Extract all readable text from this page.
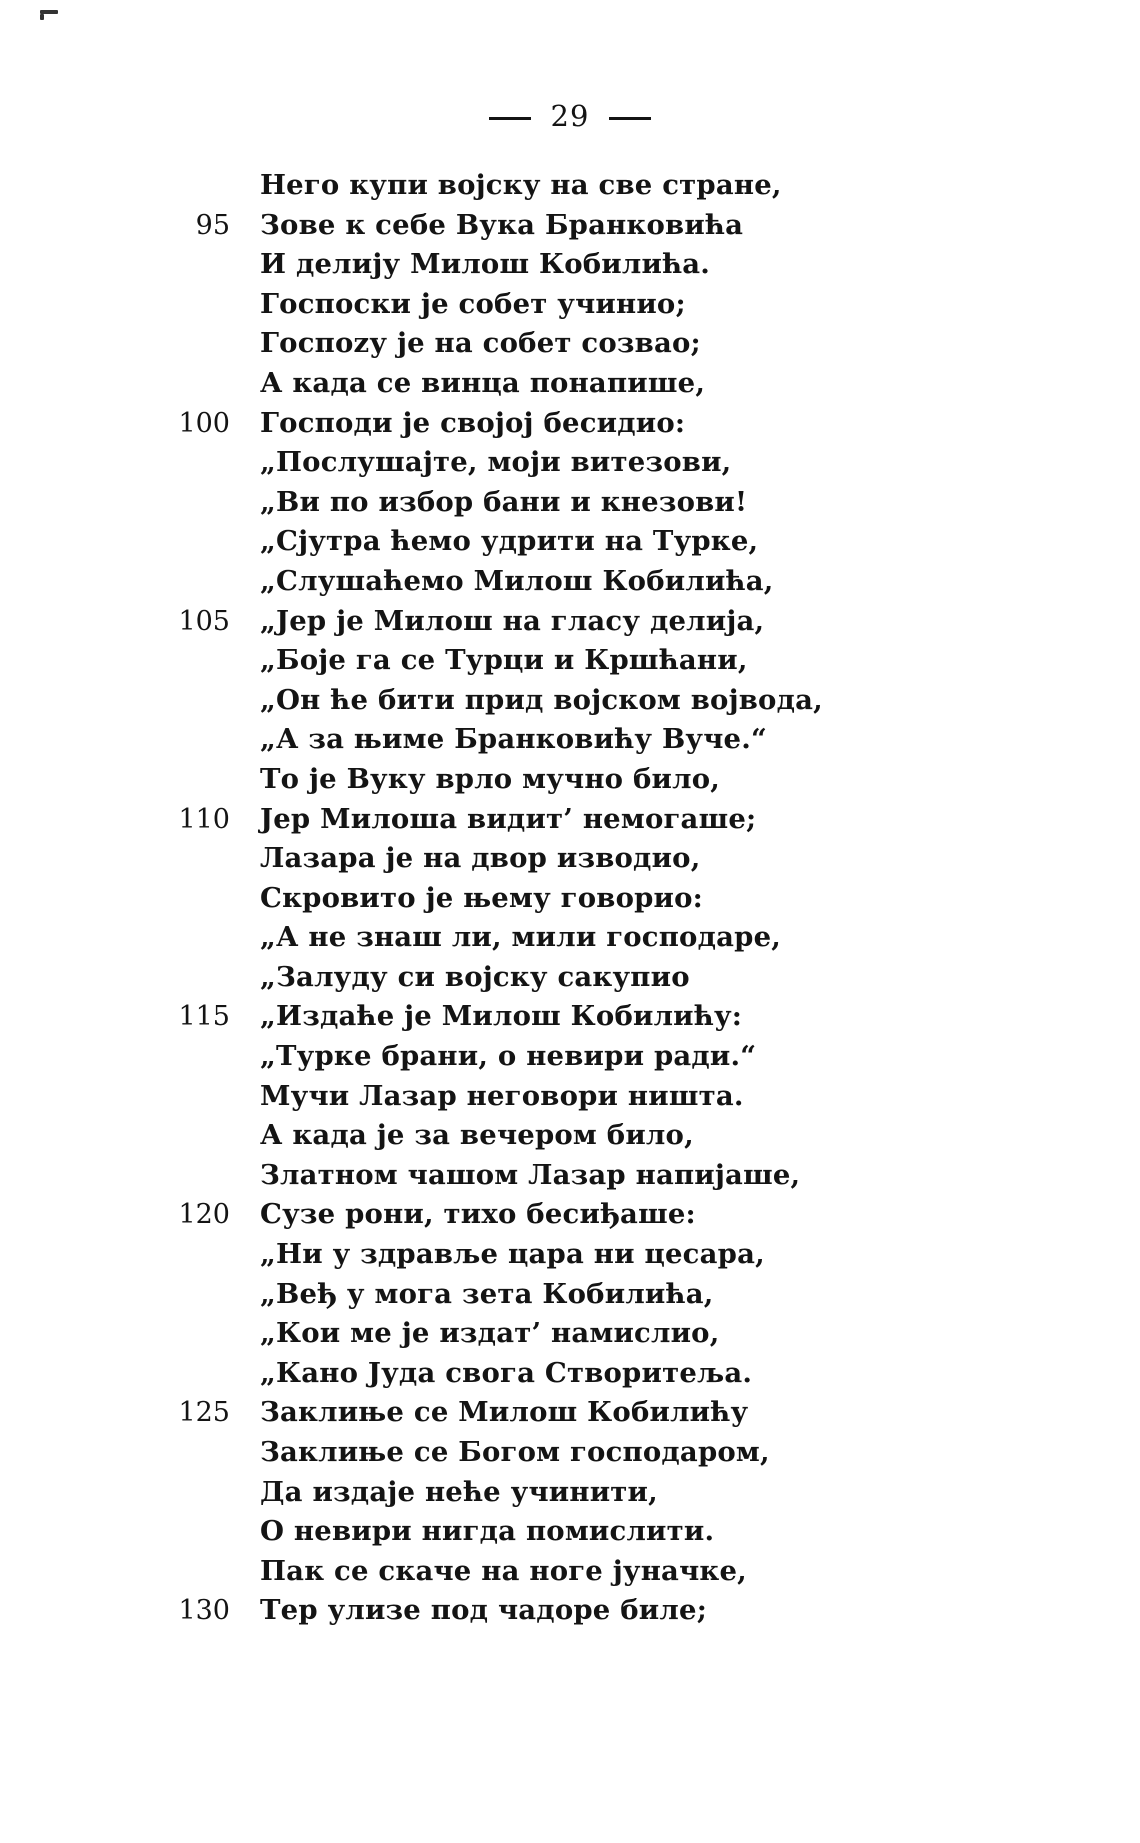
29
Него купи војску на све стране,
95 Зове к себе Вука Бранковића
И делију Милош Кобилића.
Госпоски је собет учинио;
Госпоzу је на собет созвао;
А када се винца понапише,
100 Господи је својој бесидио:
„Послушајте, моји витезови,
„Ви по избор бани и кнезови!
„Сјутра ћемо удрити на Турке,
„Слушаћемо Милош Кобилића,
105 „Јер је Милош на гласу делија,
„Боје га се Турци и Кршћани,
„Он ће бити прид војском војвода,
„А за њиме Бранковићу Вуче.“
То је Вуку врло мучно било,
110 Јер Милоша видит’ немогаше;
Лазара је на двор изводио,
Скровито је њему говорио:
„А не знаш ли, мили господаре,
„Залуду си војску сакупио
115 „Издаће је Милош Кобилићу:
„Турке брани, о невири ради.“
Мучи Лазар неговори ништа.
А када је за вечером било,
Златном чашом Лазар напијаше,
120 Сузе рони, тихо бесиђаше:
„Ни у здравље цара ни цесара,
„Веђ у мога зета Кобилића,
„Кои ме је издат’ намислио,
„Кано Јуда свога Створитеља.
125 Заклиње се Милош Кобилићу
Заклиње се Богом господаром,
Да издаје неће учинити,
О невири нигда помислити.
Пак се скаче на ноге јуначке,
130 Тер улизе под чадоре биле;
